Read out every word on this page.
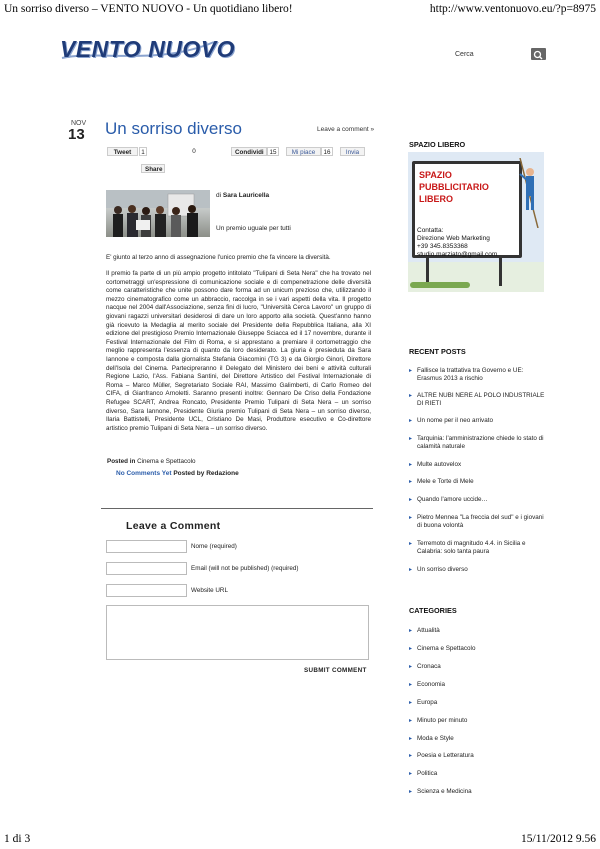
Un sorriso diverso – VENTO NUOVO - Un quotidiano libero!	http://www.ventonuovo.eu/?p=8975
VENTO NUOVO	Cerca
NOV
13 Un sorriso diverso	Leave a comment »
Tweet	1	0	Condividi 15	Mi piace	16	Invia
Share
di Sara Lauricella
Un premio uguale per tutti
E' giunto al terzo anno di assegnazione l'unico premio che fa vincere la diversità.
Il premio fa parte di un più ampio progetto intitolato "Tulipani di Seta Nera" che ha trovato nel cortometraggi un'espressione di comunicazione sociale e di compenetrazione delle diversità come caratteristiche che unite possono dare forma ad un unicum prezioso che, utilizzando il mezzo cinematografico come un abbraccio, raccolga in se i vari aspetti della vita. Il progetto nacque nel 2004 dall'Associazione, senza fini di lucro, "Università Cerca Lavoro" un gruppo di giovani ragazzi universitari desiderosi di dare un loro apporto alla società. Quest'anno hanno già ricevuto la Medaglia al merito sociale del Presidente della Repubblica Italiana, alla XI edizione del prestigioso Premio Internazionale Giuseppe Sciacca ed il 17 novembre, durante il Festival Internazionale del Film di Roma, e si apprestano a premiare il cortometraggio che meglio rappresenta l'essenza di quanto da loro desiderato. La giuria è presieduta da Sara Iannone e composta dalla giornalista Stefania Giacomini (TG 3) e da Giorgio Ginori, Direttore dell'Isola del Cinema. Partecipreranno il Delegato del Ministero dei beni e attività culturali Regione Lazio, l'Ass. Fabiana Santini, del Direttore Artistico del Festival Internazionale di Roma – Marco Müller, Segretariato Sociale RAI, Massimo Galimberti, di Carlo Romeo del CIFA, di Gianfranco Arnoletti. Saranno presenti inoltre: Gennaro De Criso della Fondazione Refugee SCART, Andrea Roncato, Presidente Premio Tulipani di Seta Nera – un sorriso diverso, Sara Iannone, Presidente Giuria premio Tulipani di Seta Nera – un sorriso diverso, Ilaria Battistelli, Presidente UCL, Cristiano De Masi, Produttore esecutivo e Co-direttore artistico premio Tulipani di Seta Nera – un sorriso diverso.
Posted in Cinema e Spettacolo
No Comments Yet Posted by Redazione
Leave a Comment
Nome (required)
Email (will not be published) (required)
Website URL
SUBMIT COMMENT
SPAZIO LIBERO
SPAZIO
PUBBLICITARIO
LIBERO
Contatta:
Direzione Web Marketing
+39 345.8353368
studio.marziato@gmail.com
RECENT POSTS
▸ Fallisce la trattativa tra Governo e UE: Erasmus 2013 a rischio
▸ ALTRE NUBI NERE AL POLO INDUSTRIALE DI RIETI
▸ Un nome per il neo arrivato
▸ Tarquinia: l'amministrazione chiede lo stato di calamità naturale
▸ Multe autovelox
▸ Mele e Torte di Mele
▸ Quando l'amore uccide…
▸ Pietro Mennea "La freccia del sud" e i giovani di buona volontà
▸ Terremoto di magnitudo 4.4. in Sicilia e Calabria: solo tanta paura
▸ Un sorriso diverso
CATEGORIES
▸ Attualità
▸ Cinema e Spettacolo
▸ Cronaca
▸ Economia
▸ Europa
▸ Minuto per minuto
▸ Moda e Style
▸ Poesia e Letteratura
▸ Politica
▸ Scienza e Medicina
1 di 3	15/11/2012 9.56
